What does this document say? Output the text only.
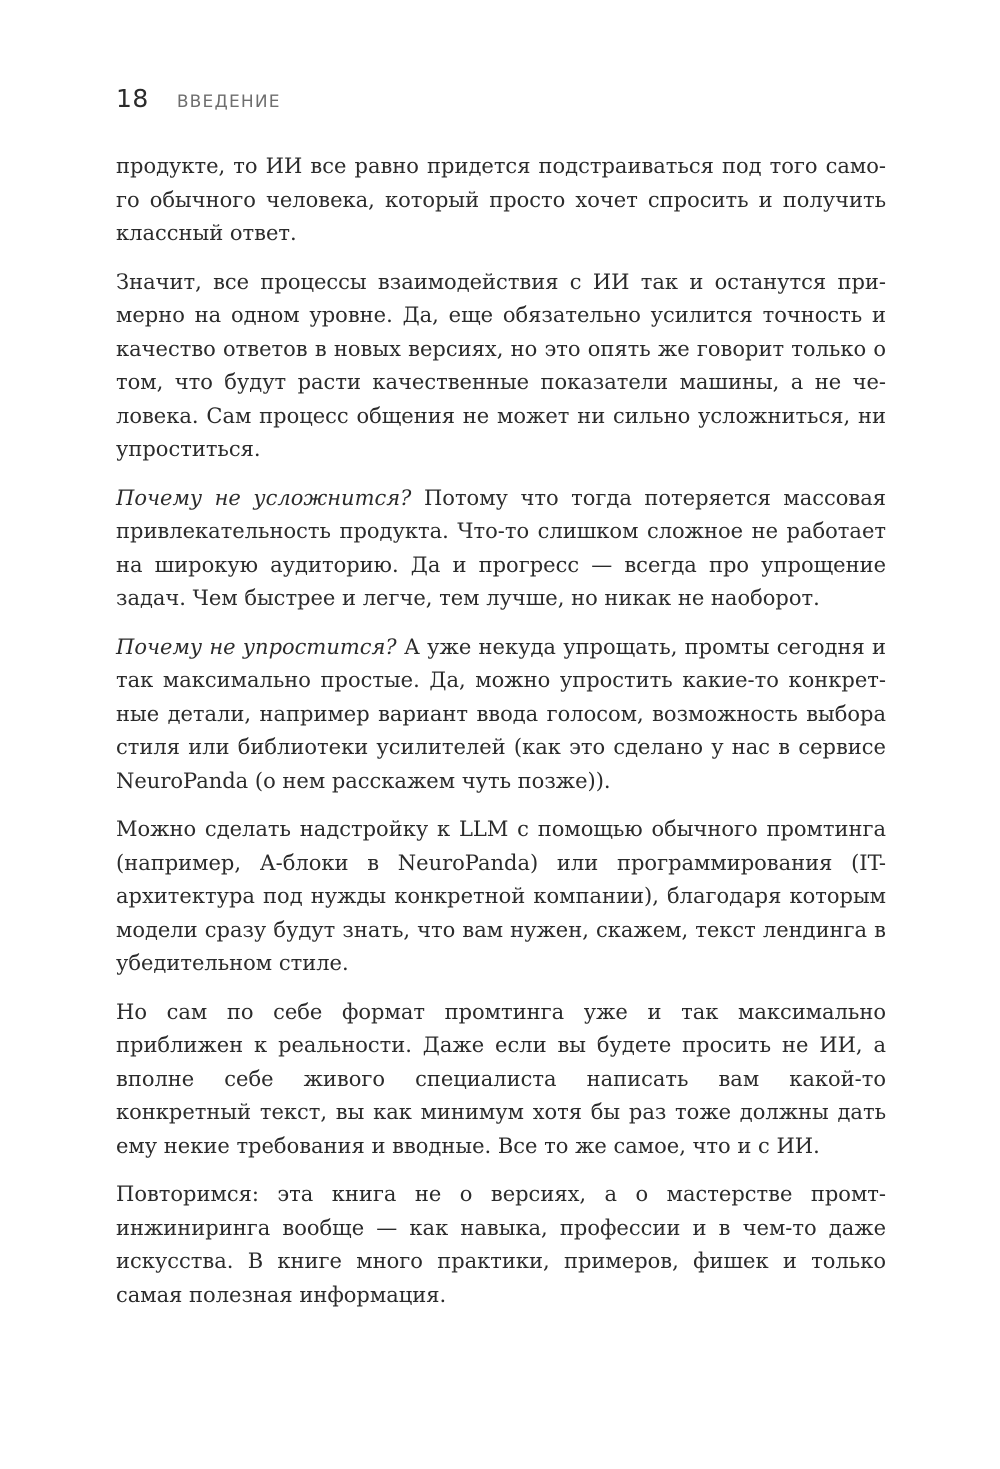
18 ВВЕДЕНИЕ

продукте, то ИИ все равно придется подстраиваться под того самого обычного человека, который просто хочет спросить и получить классный ответ.

Значит, все процессы взаимодействия с ИИ так и останутся примерно на одном уровне. Да, еще обязательно усилится точность и качество ответов в новых версиях, но это опять же говорит только о том, что будут расти качественные показатели машины, а не человека. Сам процесс общения не может ни сильно усложниться, ни упроститься.

Почему не усложнится? Потому что тогда потеряется массовая привлекательность продукта. Что-то слишком сложное не работает на широкую аудиторию. Да и прогресс — всегда про упрощение задач. Чем быстрее и легче, тем лучше, но никак не наоборот.

Почему не упростится? А уже некуда упрощать, промты сегодня и так максимально простые. Да, можно упростить какие-то конкретные детали, например вариант ввода голосом, возможность выбора стиля или библиотеки усилителей (как это сделано у нас в сервисе NeuroPanda (о нем расскажем чуть позже)).

Можно сделать надстройку к LLM с помощью обычного промтинга (например, А-блоки в NeuroPanda) или программирования (IT-архитектура под нужды конкретной компании), благодаря которым модели сразу будут знать, что вам нужен, скажем, текст лендинга в убедительном стиле.

Но сам по себе формат промтинга уже и так максимально приближен к реальности. Даже если вы будете просить не ИИ, а вполне себе живого специалиста написать вам какой-то конкретный текст, вы как минимум хотя бы раз тоже должны дать ему некие требования и вводные. Все то же самое, что и с ИИ.

Повторимся: эта книга не о версиях, а о мастерстве промт-инжиниринга вообще — как навыка, профессии и в чем-то даже искусства. В книге много практики, примеров, фишек и только самая полезная информация.
